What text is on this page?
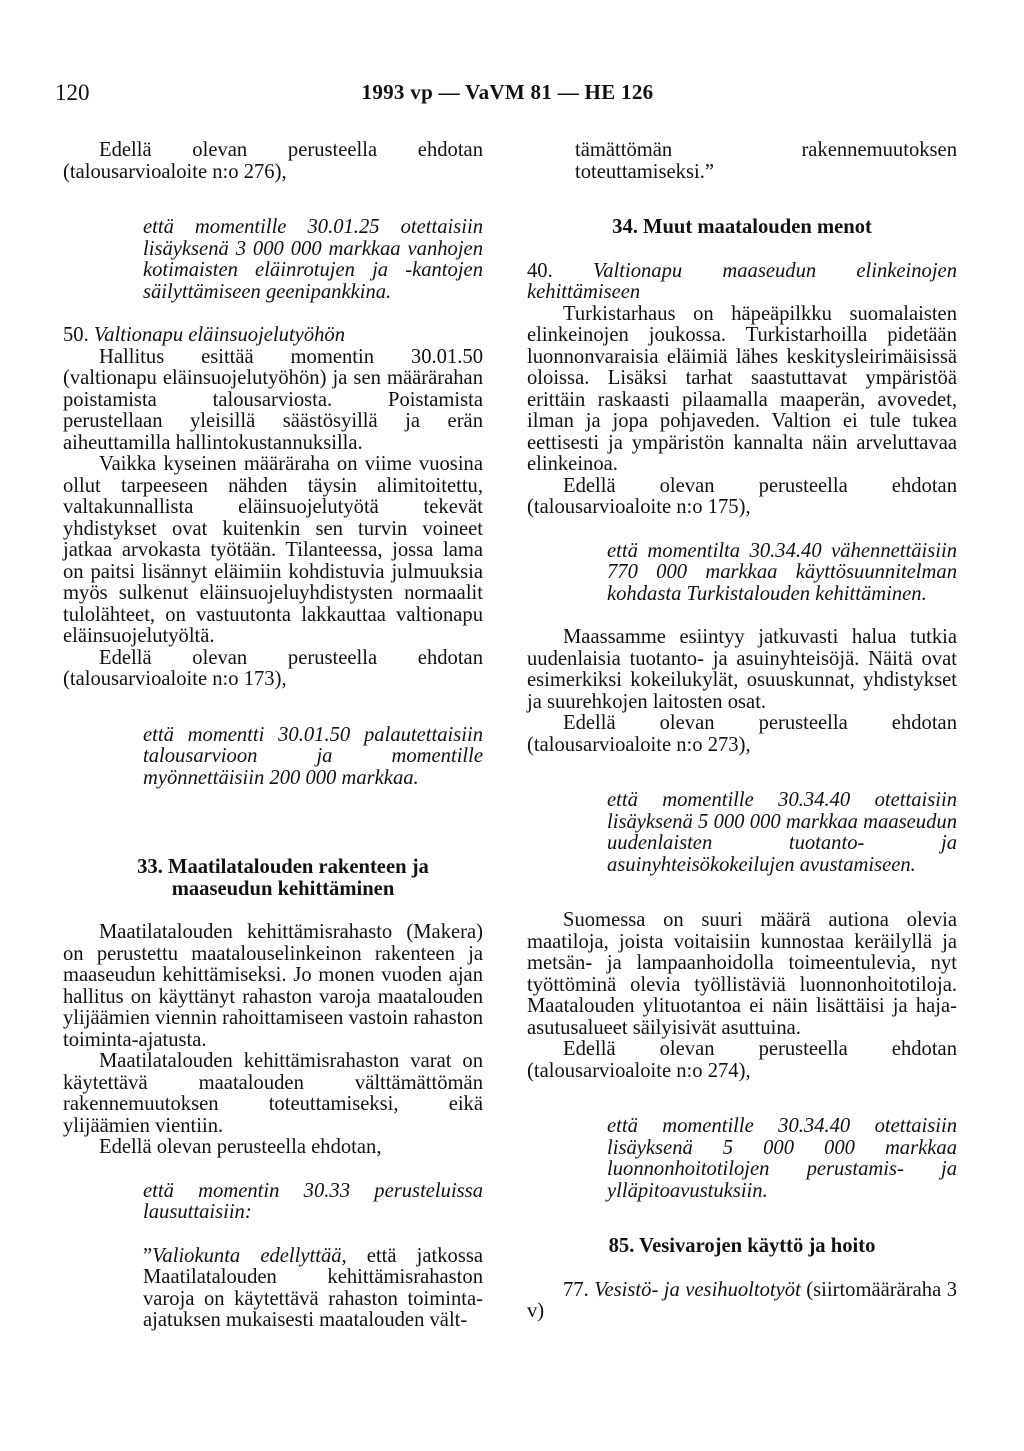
120	1993 vp — VaVM 81 — HE 126

Edellä olevan perusteella ehdotan (talousarvioaloite n:o 276),

että momentille 30.01.25 otettaisiin lisäyksenä 3 000 000 markkaa vanhojen kotimaisten eläinrotujen ja -kantojen säilyttämiseen geenipankkina.

50. Valtionapu eläinsuojelutyöhön

Hallitus esittää momentin 30.01.50 (valtionapu eläinsuojelutyöhön) ja sen määrärahan poistamista talousarviosta. Poistamista perustellaan yleisillä säästösyillä ja erän aiheuttamilla hallintokustannuksilla.

Vaikka kyseinen määräraha on viime vuosina ollut tarpeeseen nähden täysin alimitoitettu, valtakunnallista eläinsuojelutyötä tekevät yhdistykset ovat kuitenkin sen turvin voineet jatkaa arvokasta työtään. Tilanteessa, jossa lama on paitsi lisännyt eläimiin kohdistuvia julmuuksia myös sulkenut eläinsuojeluyhdistysten normaalit tulolähteet, on vastuutonta lakkauttaa valtionapu eläinsuojelutyöltä.

Edellä olevan perusteella ehdotan (talousarvioaloite n:o 173),

että momentti 30.01.50 palautettaisiin talousarvioon ja momentille myönnettäisiin 200 000 markkaa.

33. Maatilatalouden rakenteen ja maaseudun kehittäminen

Maatilatalouden kehittämisrahasto (Makera) on perustettu maatalouselinkeinon rakenteen ja maaseudun kehittämiseksi. Jo monen vuoden ajan hallitus on käyttänyt rahaston varoja maatalouden ylijäämien viennin rahoittamiseen vastoin rahaston toiminta-ajatusta.

Maatilatalouden kehittämisrahaston varat on käytettävä maatalouden välttämättömän rakennemuutoksen toteuttamiseksi, eikä ylijäämien vientiin.

Edellä olevan perusteella ehdotan,

että momentin 30.33 perusteluissa lausuttaisiin:

”Valiokunta edellyttää, että jatkossa Maatilatalouden kehittämisrahaston varoja on käytettävä rahaston toiminta-ajatuksen mukaisesti maatalouden vält-

tämättömän rakennemuutoksen toteuttamiseksi.”

34. Muut maatalouden menot

40. Valtionapu maaseudun elinkeinojen kehittämiseen

Turkistarhaus on häpeäpilkku suomalaisten elinkeinojen joukossa. Turkistarhoilla pidetään luonnonvaraisia eläimiä lähes keskitysleirimäisissä oloissa. Lisäksi tarhat saastuttavat ympäristöä erittäin raskaasti pilaamalla maaperän, avovedet, ilman ja jopa pohjaveden. Valtion ei tule tukea eettisesti ja ympäristön kannalta näin arveluttavaa elinkeinoa.

Edellä olevan perusteella ehdotan (talousarvioaloite n:o 175),

että momentilta 30.34.40 vähennettäisiin 770 000 markkaa käyttösuunnitelman kohdasta Turkistalouden kehittäminen.

Maassamme esiintyy jatkuvasti halua tutkia uudenlaisia tuotanto- ja asuinyhteisöjä. Näitä ovat esimerkiksi kokeilukylät, osuuskunnat, yhdistykset ja suurehkojen laitosten osat.

Edellä olevan perusteella ehdotan (talousarvioaloite n:o 273),

että momentille 30.34.40 otettaisiin lisäyksenä 5 000 000 markkaa maaseudun uudenlaisten tuotanto- ja asuinyhteisökokeilujen avustamiseen.

Suomessa on suuri määrä autiona olevia maatiloja, joista voitaisiin kunnostaa keräilyllä ja metsän- ja lampaanhoidolla toimeentulevia, nyt työttöminä olevia työllistäviä luonnonhoitotiloja. Maatalouden ylituotantoa ei näin lisättäisi ja haja-asutusalueet säilyisivät asuttuina.

Edellä olevan perusteella ehdotan (talousarvioaloite n:o 274),

että momentille 30.34.40 otettaisiin lisäyksenä 5 000 000 markkaa luonnonhoitotilojen perustamis- ja ylläpitoavustuksiin.

85. Vesivarojen käyttö ja hoito

77. Vesistö- ja vesihuoltotyöt (siirtomääräraha 3 v)
